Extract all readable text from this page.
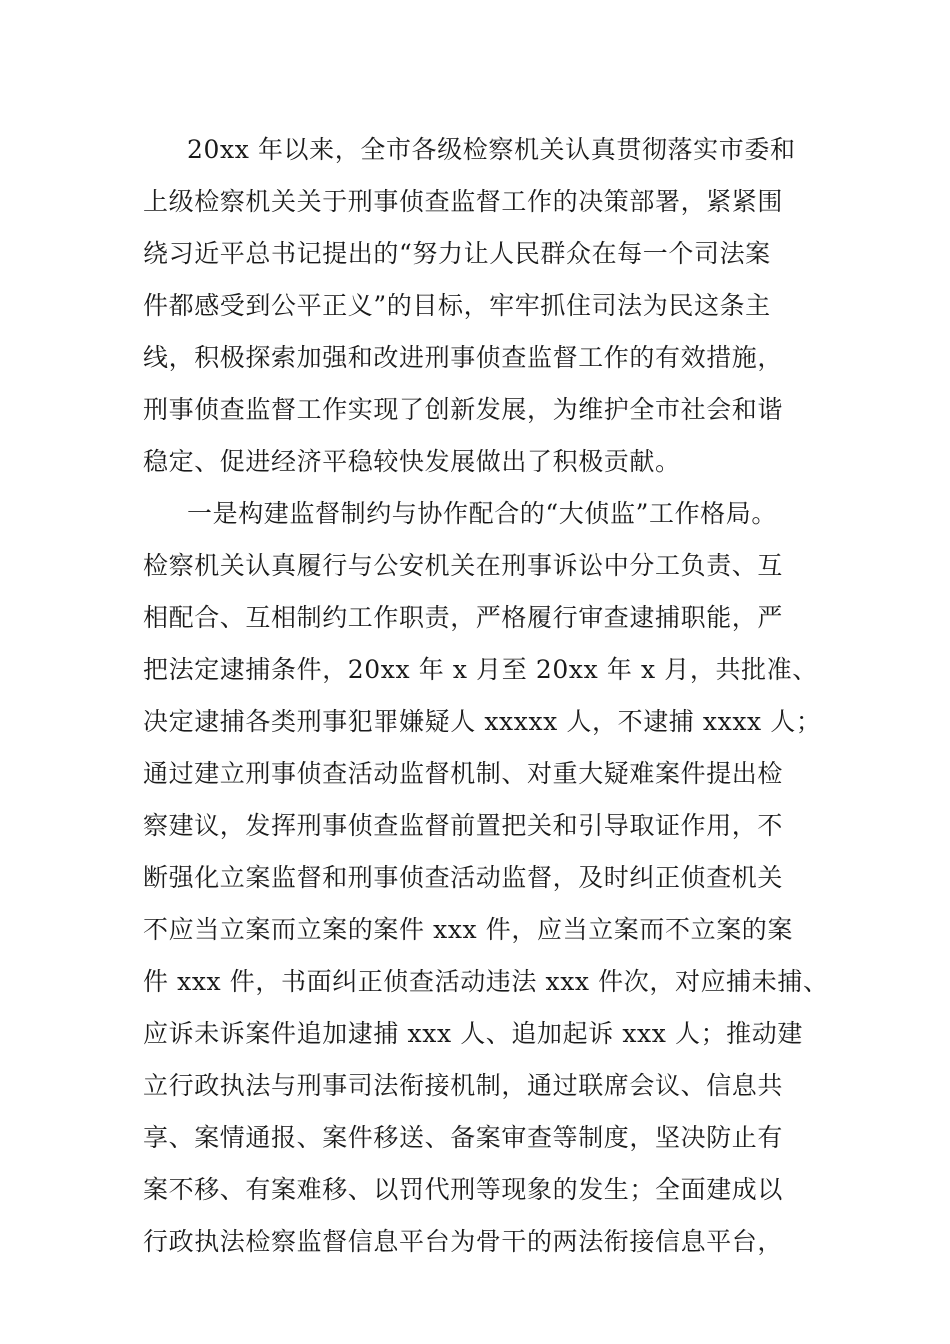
20xx 年以来，全市各级检察机关认真贯彻落实市委和
上级检察机关关于刑事侦查监督工作的决策部署，紧紧围
绕习近平总书记提出的“努力让人民群众在每一个司法案
件都感受到公平正义”的目标，牢牢抓住司法为民这条主
线，积极探索加强和改进刑事侦查监督工作的有效措施，
刑事侦查监督工作实现了创新发展，为维护全市社会和谐
稳定、促进经济平稳较快发展做出了积极贡献。
一是构建监督制约与协作配合的“大侦监”工作格局。
检察机关认真履行与公安机关在刑事诉讼中分工负责、互
相配合、互相制约工作职责，严格履行审查逮捕职能，严
把法定逮捕条件，20xx 年 x 月至 20xx 年 x 月，共批准、
决定逮捕各类刑事犯罪嫌疑人 xxxxx 人，不逮捕 xxxx 人；
通过建立刑事侦查活动监督机制、对重大疑难案件提出检
察建议，发挥刑事侦查监督前置把关和引导取证作用，不
断强化立案监督和刑事侦查活动监督，及时纠正侦查机关
不应当立案而立案的案件 xxx 件，应当立案而不立案的案
件 xxx 件，书面纠正侦查活动违法 xxx 件次，对应捕未捕、
应诉未诉案件追加逮捕 xxx 人、追加起诉 xxx 人；推动建
立行政执法与刑事司法衔接机制，通过联席会议、信息共
享、案情通报、案件移送、备案审查等制度，坚决防止有
案不移、有案难移、以罚代刑等现象的发生；全面建成以
行政执法检察监督信息平台为骨干的两法衔接信息平台，
